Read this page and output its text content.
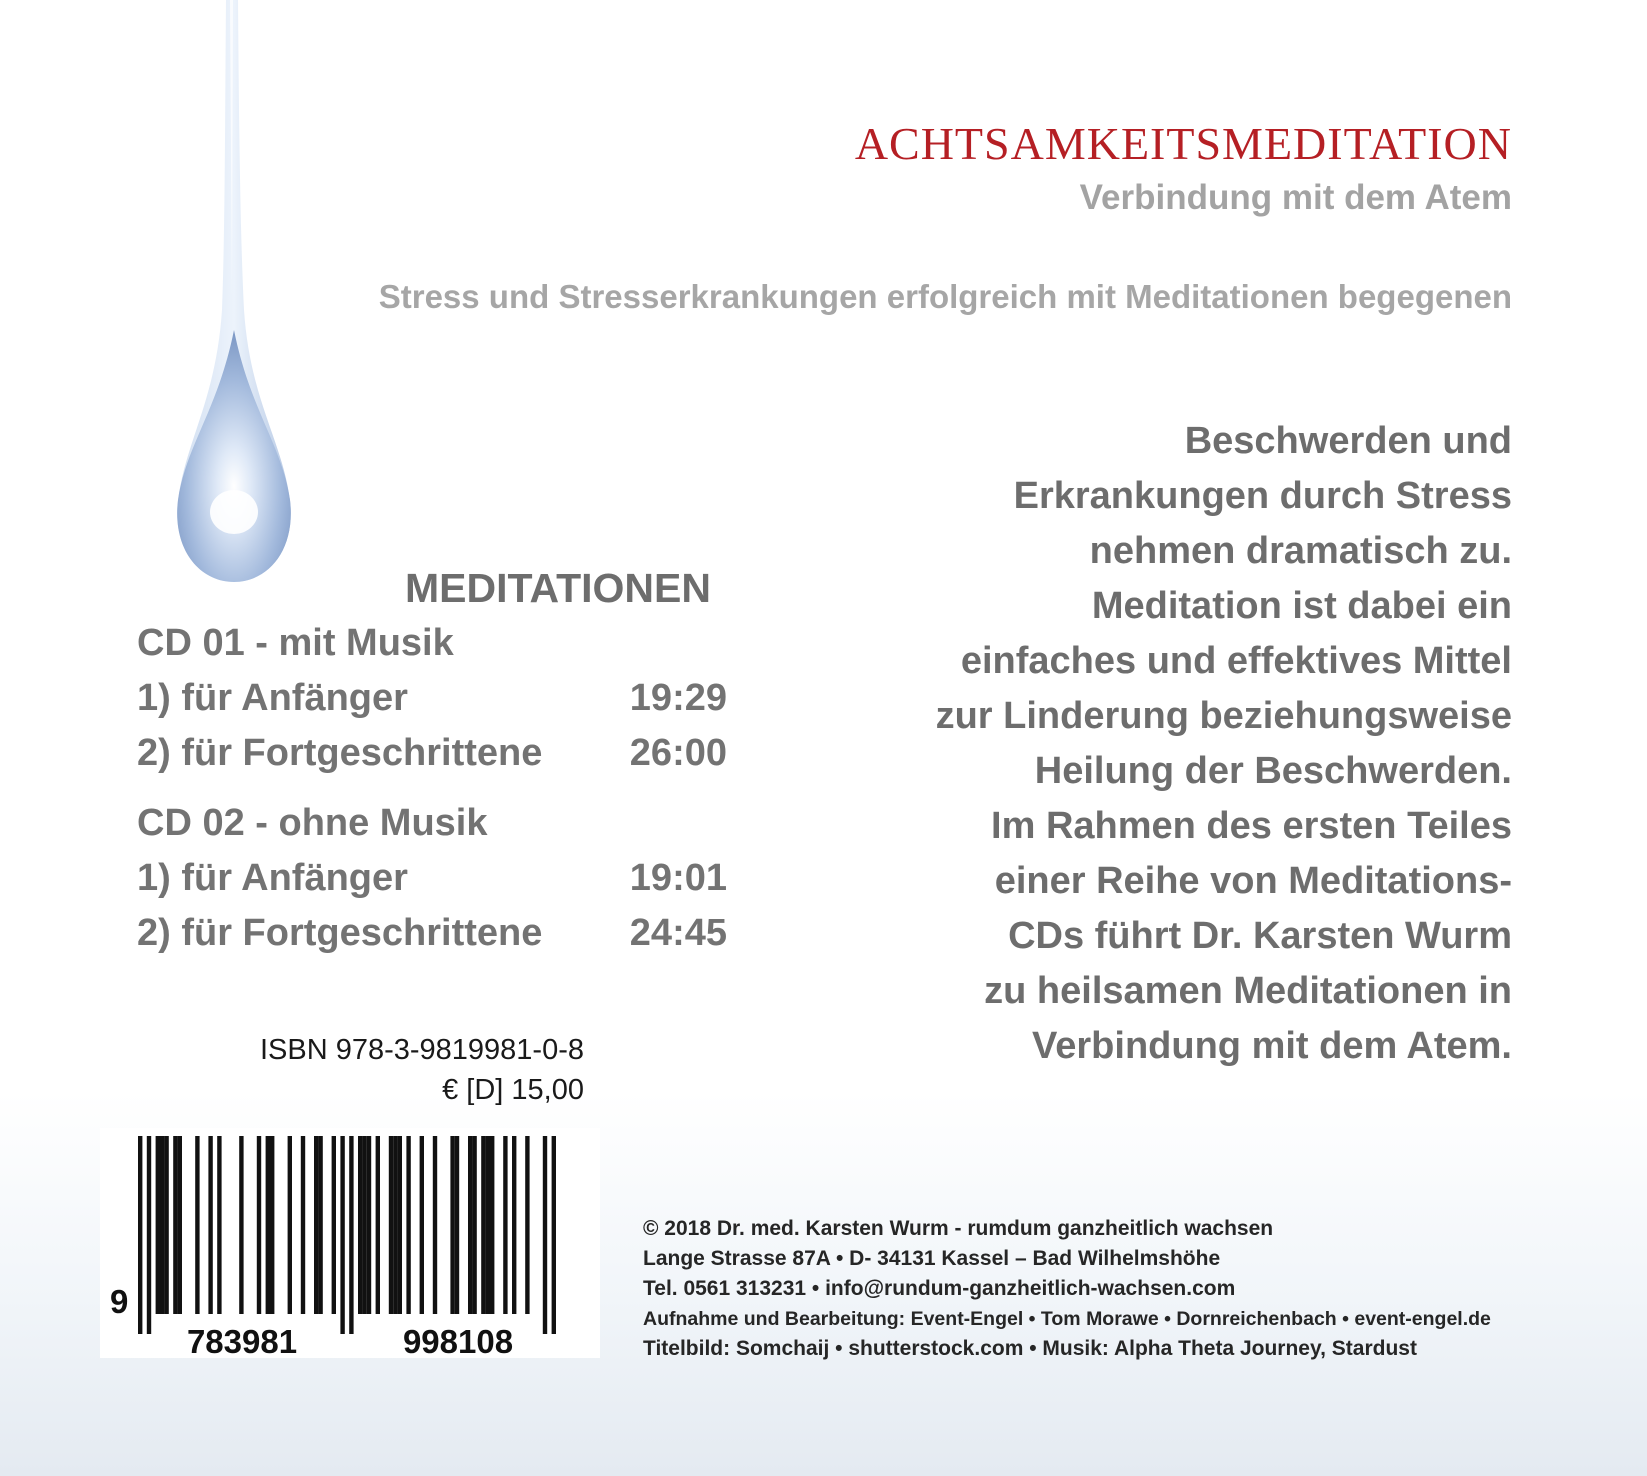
achtsamkeitsmeditation
Verbindung mit dem Atem
Stress und Stresserkrankungen erfolgreich mit Meditationen begegenen
Beschwerden und
Erkrankungen durch Stress
nehmen dramatisch zu.
Meditation ist dabei ein
einfaches und effektives Mittel
zur Linderung beziehungsweise
Heilung der Beschwerden.
Im Rahmen des ersten Teiles
einer Reihe von Meditations-
CDs führt Dr. Karsten Wurm
zu heilsamen Meditationen in
Verbindung mit dem Atem.
MEDITATIONEN
CD 01 - mit Musik
1) für Anfänger	19:29
2) für Fortgeschrittene 26:00
CD 02 - ohne Musik
1) für Anfänger	19:01
2) für Fortgeschrittene 24:45
ISBN 978-3-9819981-0-8
€ [D] 15,00
9
783981	998108
© 2018 Dr. med. Karsten Wurm - rumdum ganzheitlich wachsen
Lange Strasse 87A • D- 34131 Kassel – Bad Wilhelmshöhe
Tel. 0561 313231 • info@rundum-ganzheitlich-wachsen.com
Aufnahme und Bearbeitung: Event-Engel • Tom Morawe • Dornreichenbach • event-engel.de
Titelbild: Somchaij • shutterstock.com • Musik: Alpha Theta Journey, Stardust
